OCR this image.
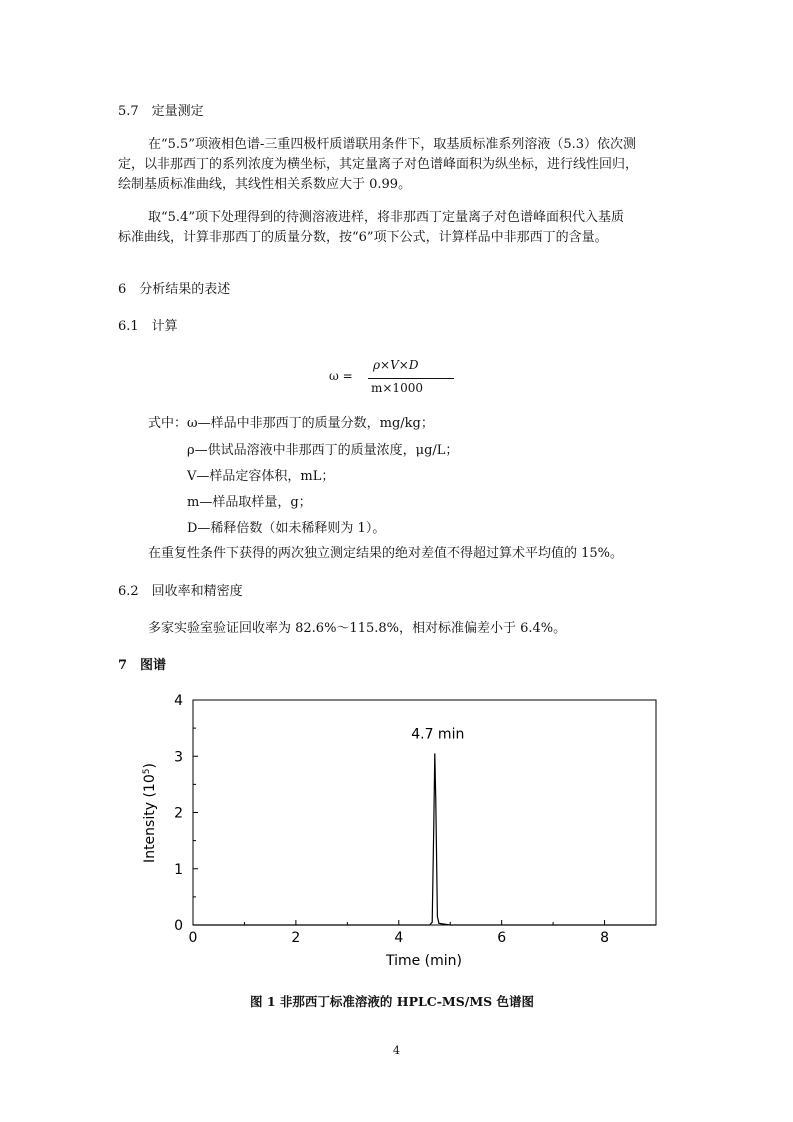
5.7　定量测定
在“5.5”项液相色谱-三重四极杆质谱联用条件下，取基质标准系列溶液（5.3）依次测
定，以非那西丁的系列浓度为横坐标，其定量离子对色谱峰面积为纵坐标，进行线性回归，
绘制基质标准曲线，其线性相关系数应大于 0.99。
取“5.4”项下处理得到的待测溶液进样，将非那西丁定量离子对色谱峰面积代入基质
标准曲线，计算非那西丁的质量分数，按“6”项下公式，计算样品中非那西丁的含量。
6　分析结果的表述
6.1　计算
ω =
ρ×V×D
m×1000
式中：ω—样品中非那西丁的质量分数，mg/kg；
ρ—供试品溶液中非那西丁的质量浓度，μg/L；
V—样品定容体积，mL；
m—样品取样量，g；
D—稀释倍数（如未稀释则为 1）。
在重复性条件下获得的两次独立测定结果的绝对差值不得超过算术平均值的 15%。
6.2　回收率和精密度
多家实验室验证回收率为 82.6%～115.8%，相对标准偏差小于 6.4%。
7　图谱
0	2	4	6	8
0
1
2
3
4
4.7 min
Time (min)
Intensity $(10^5)$
图 1 非那西丁标准溶液的 HPLC-MS/MS 色谱图
4
